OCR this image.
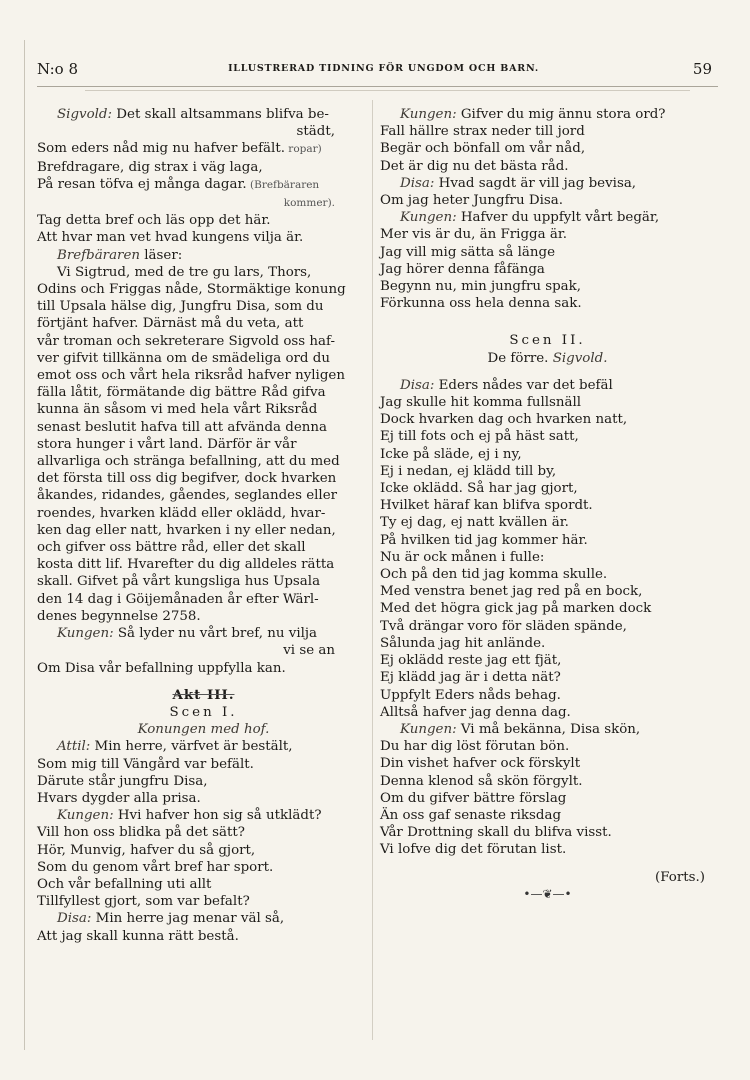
N:o 8	ILLUSTRERAD TIDNING FÖR UNGDOM OCH BARN.	59
Sigvold: Det skall altsammans blifva be-
städt,
Som eders nåd mig nu hafver befält. ropar)
Brefdragare, dig strax i väg laga,
På resan töfva ej många dagar. (Brefbäraren
kommer).
Tag detta bref och läs opp det här.
Att hvar man vet hvad kungens vilja är.
Brefbäraren läser:
Vi Sigtrud, med de tre gu lars, Thors,
Odins och Friggas nåde, Stormäktige konung
till Upsala hälse dig, Jungfru Disa, som du
förtjänt hafver. Därnäst må du veta, att
vår troman och sekreterare Sigvold oss haf-
ver gifvit tillkänna om de smädeliga ord du
emot oss och vårt hela riksråd hafver nyligen
fälla låtit, förmätande dig bättre Råd gifva
kunna än såsom vi med hela vårt Riksråd
senast beslutit hafva till att afvända denna
stora hunger i vårt land. Därför är vår
allvarliga och stränga befallning, att du med
det första till oss dig begifver, dock hvarken
åkandes, ridandes, gåendes, seglandes eller
roendes, hvarken klädd eller oklädd, hvar-
ken dag eller natt, hvarken i ny eller nedan,
och gifver oss bättre råd, eller det skall
kosta ditt lif. Hvarefter du dig alldeles rätta
skall. Gifvet på vårt kungsliga hus Upsala
den 14 dag i Göijemånaden år efter Wärl-
denes begynnelse 2758.
Kungen: Så lyder nu vårt bref, nu vilja
vi se an
Om Disa vår befallning uppfylla kan.
Akt III.
Scen I.
Konungen med hof.
Attil: Min herre, värfvet är bestält,
Som mig till Vängård var befält.
Därute står jungfru Disa,
Hvars dygder alla prisa.
Kungen: Hvi hafver hon sig så utklädt?
Vill hon oss blidka på det sätt?
Hör, Munvig, hafver du så gjort,
Som du genom vårt bref har sport.
Och vår befallning uti allt
Tillfyllest gjort, som var befalt?
Disa: Min herre jag menar väl så,
Att jag skall kunna rätt bestå.
Kungen: Gifver du mig ännu stora ord?
Fall hällre strax neder till jord
Begär och bönfall om vår nåd,
Det är dig nu det bästa råd.
Disa: Hvad sagdt är vill jag bevisa,
Om jag heter Jungfru Disa.
Kungen: Hafver du uppfylt vårt begär,
Mer vis är du, än Frigga är.
Jag vill mig sätta så länge
Jag hörer denna fåfänga
Begynn nu, min jungfru spak,
Förkunna oss hela denna sak.
Scen II.
De förre. Sigvold.
Disa: Eders nådes var det befäl
Jag skulle hit komma fullsnäll
Dock hvarken dag och hvarken natt,
Ej till fots och ej på häst satt,
Icke på släde, ej i ny,
Ej i nedan, ej klädd till by,
Icke oklädd. Så har jag gjort,
Hvilket häraf kan blifva spordt.
Ty ej dag, ej natt kvällen är.
På hvilken tid jag kommer här.
Nu är ock månen i fulle:
Och på den tid jag komma skulle.
Med venstra benet jag red på en bock,
Med det högra gick jag på marken dock
Två drängar voro för släden spände,
Sålunda jag hit anlände.
Ej oklädd reste jag ett fjät,
Ej klädd jag är i detta nät?
Uppfylt Eders nåds behag.
Alltså hafver jag denna dag.
Kungen: Vi må bekänna, Disa skön,
Du har dig löst förutan bön.
Din vishet hafver ock förskylt
Denna klenod så skön förgylt.
Om du gifver bättre förslag
Än oss gaf senaste riksdag
Vår Drottning skall du blifva visst.
Vi lofve dig det förutan list.
(Forts.)
•—❦—•
